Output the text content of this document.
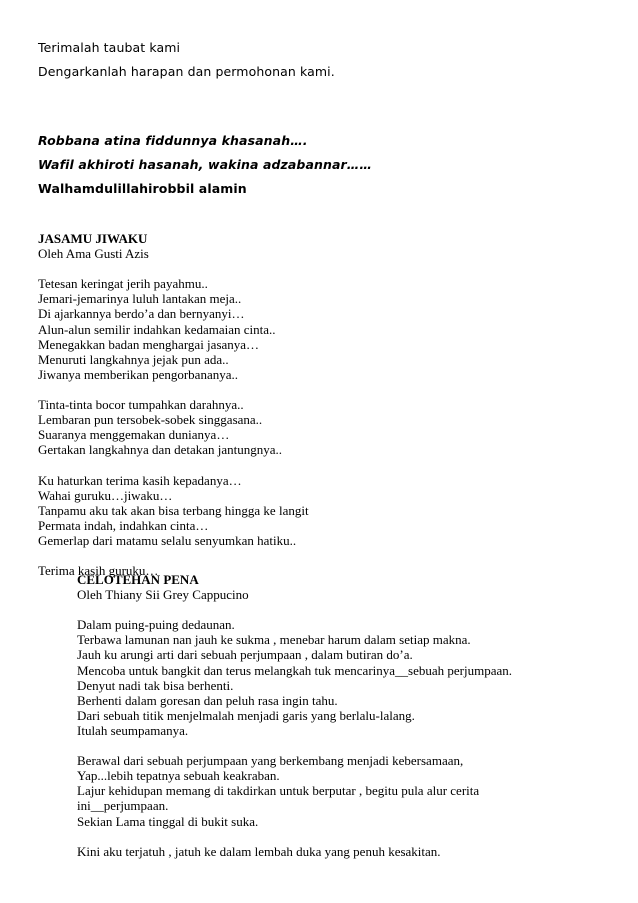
Terimalah taubat kami
Dengarkanlah harapan dan permohonan kami.
Robbana atina fiddunnya khasanah….
Wafil akhiroti hasanah, wakina adzabannar……
Walhamdulillahirobbil alamin
JASAMU JIWAKU
Oleh Ama Gusti Azis
Tetesan keringat jerih payahmu..
Jemari-jemarinya luluh lantakan meja..
Di ajarkannya berdo’a dan bernyanyi…
Alun-alun semilir indahkan kedamaian cinta..
Menegakkan badan menghargai jasanya…
Menuruti langkahnya jejak pun ada..
Jiwanya memberikan pengorbananya..
Tinta-tinta bocor tumpahkan darahnya..
Lembaran pun tersobek-sobek singgasana..
Suaranya menggemakan dunianya…
Gertakan langkahnya dan detakan jantungnya..
Ku haturkan terima kasih kepadanya…
Wahai guruku…jiwaku…
Tanpamu aku tak akan bisa terbang hingga ke langit
Permata indah, indahkan cinta…
Gemerlap dari matamu selalu senyumkan hatiku..
Terima kasih guruku…
CELOTEHAN PENA
Oleh Thiany Sii Grey Cappucino
Dalam puing-puing dedaunan.
Terbawa lamunan nan jauh ke sukma , menebar harum dalam setiap makna.
Jauh ku arungi arti dari sebuah perjumpaan , dalam butiran do’a.
Mencoba untuk bangkit dan terus melangkah tuk mencarinya__sebuah perjumpaan.
Denyut nadi tak bisa berhenti.
Berhenti dalam goresan dan peluh rasa ingin tahu.
Dari sebuah titik menjelmalah menjadi garis yang berlalu-lalang.
Itulah seumpamanya.
Berawal dari sebuah perjumpaan yang berkembang menjadi kebersamaan,
Yap...lebih tepatnya sebuah keakraban.
Lajur kehidupan memang di takdirkan untuk berputar , begitu pula alur cerita
ini__perjumpaan.
Sekian Lama tinggal di bukit suka.
Kini aku terjatuh , jatuh ke dalam lembah duka yang penuh kesakitan.
